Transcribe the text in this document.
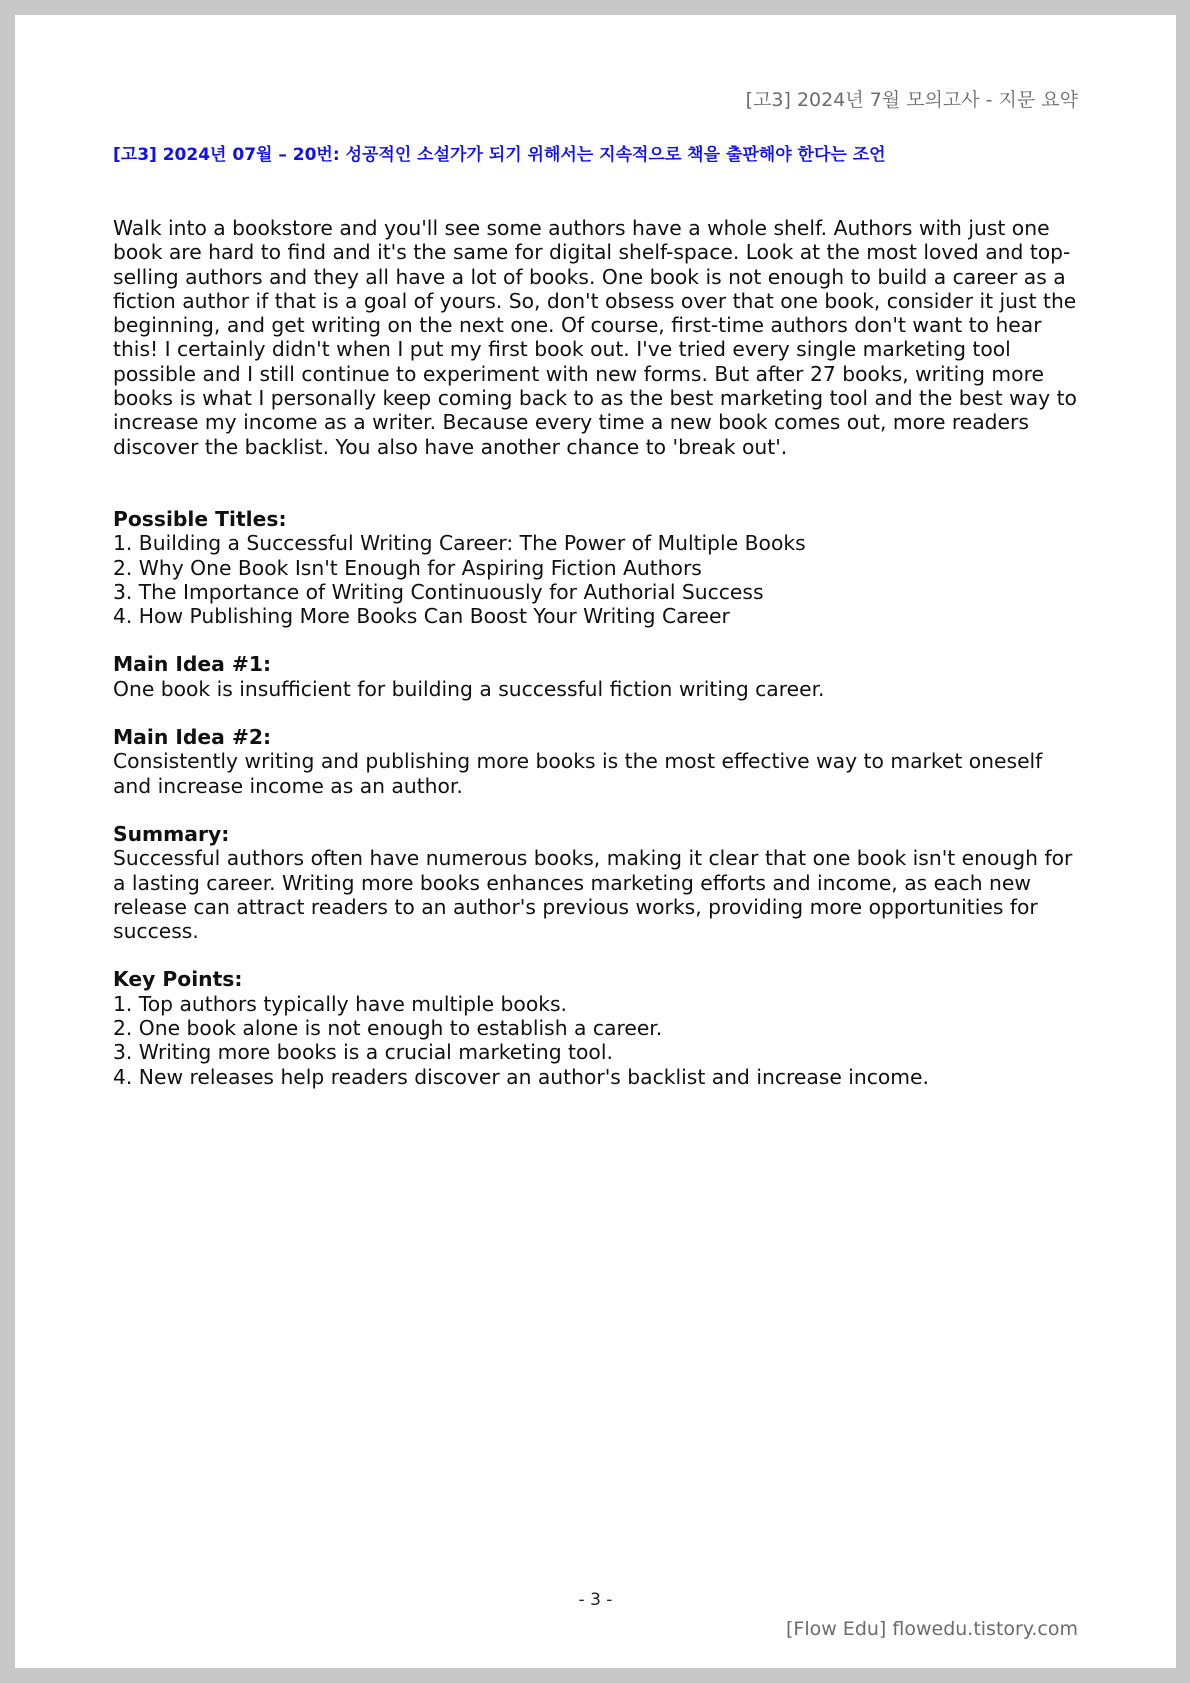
[고3] 2024년 7월 모의고사 - 지문 요약
[고3] 2024년 07월 – 20번: 성공적인 소설가가 되기 위해서는 지속적으로 책을 출판해야 한다는 조언

Walk into a bookstore and you'll see some authors have a whole shelf. Authors with just one book are hard to find and it's the same for digital shelf-space. Look at the most loved and top-selling authors and they all have a lot of books. One book is not enough to build a career as a fiction author if that is a goal of yours. So, don't obsess over that one book, consider it just the beginning, and get writing on the next one. Of course, first-time authors don't want to hear this! I certainly didn't when I put my first book out. I've tried every single marketing tool possible and I still continue to experiment with new forms. But after 27 books, writing more books is what I personally keep coming back to as the best marketing tool and the best way to increase my income as a writer. Because every time a new book comes out, more readers discover the backlist. You also have another chance to 'break out'.

Possible Titles:
1. Building a Successful Writing Career: The Power of Multiple Books
2. Why One Book Isn't Enough for Aspiring Fiction Authors
3. The Importance of Writing Continuously for Authorial Success
4. How Publishing More Books Can Boost Your Writing Career
Main Idea #1:

One book is insufficient for building a successful fiction writing career.

Main Idea #2:

Consistently writing and publishing more books is the most effective way to market oneself and increase income as an author.

Summary:

Successful authors often have numerous books, making it clear that one book isn't enough for a lasting career. Writing more books enhances marketing efforts and income, as each new release can attract readers to an author's previous works, providing more opportunities for success.

Key Points:
1. Top authors typically have multiple books.
2. One book alone is not enough to establish a career.
3. Writing more books is a crucial marketing tool.
4. New releases help readers discover an author's backlist and increase income.
- 3 -
[Flow Edu] flowedu.tistory.com
